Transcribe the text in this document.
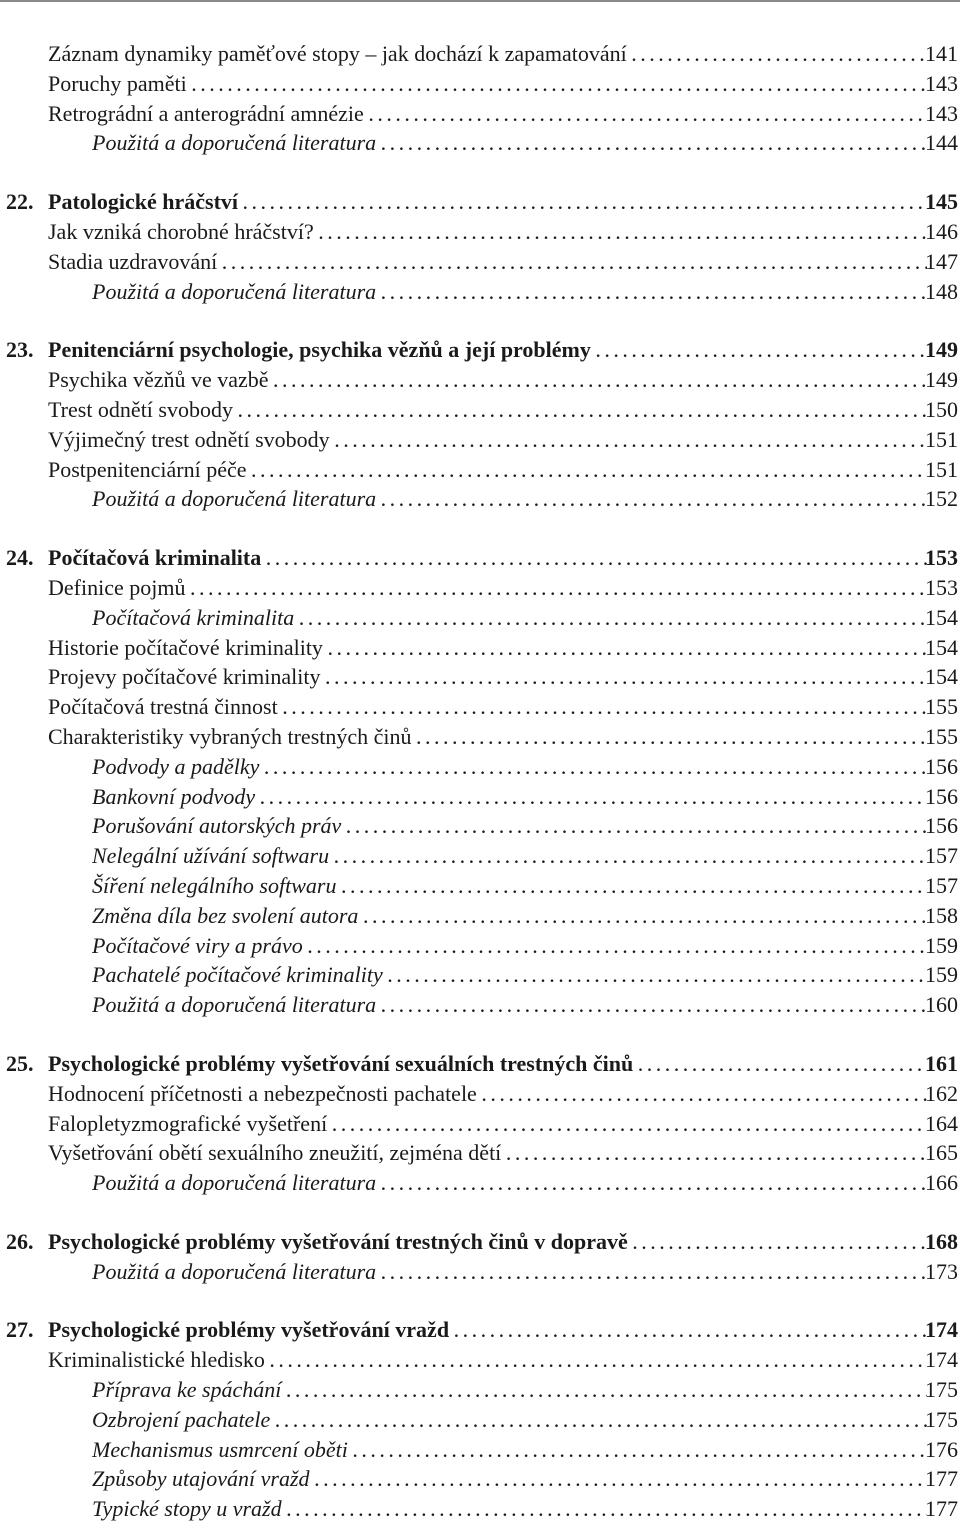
Záznam dynamiky paměťové stopy – jak dochází k zapamatování . . .	141
Poruchy paměti . . .	143
Retrográdní a anterográdní amnézie . . .	143
Použitá a doporučená literatura . . .	144
22. Patologické hráčství . . .	145
Jak vzniká chorobné hráčství? . . .	146
Stadia uzdravování . . .	147
Použitá a doporučená literatura . . .	148
23. Penitenciární psychologie, psychika vězňů a její problémy . . .	149
Psychika vězňů ve vazbě . . .	149
Trest odnětí svobody . . .	150
Výjimečný trest odnětí svobody . . .	151
Postpenitenciární péče . . .	151
Použitá a doporučená literatura . . .	152
24. Počítačová kriminalita . . .	153
Definice pojmů . . .	153
Počítačová kriminalita . . .	154
Historie počítačové kriminality . . .	154
Projevy počítačové kriminality . . .	154
Počítačová trestná činnost . . .	155
Charakteristiky vybraných trestných činů . . .	155
Podvody a padělky . . .	156
Bankovní podvody . . .	156
Porušování autorských práv . . .	156
Nelegální užívání softwaru . . .	157
Šíření nelegálního softwaru . . .	157
Změna díla bez svolení autora . . .	158
Počítačové viry a právo . . .	159
Pachatelé počítačové kriminality . . .	159
Použitá a doporučená literatura . . .	160
25. Psychologické problémy vyšetřování sexuálních trestných činů . . .	161
Hodnocení příčetnosti a nebezpečnosti pachatele . . .	162
Falopletyzmografické vyšetření . . .	164
Vyšetřování obětí sexuálního zneužití, zejména dětí . . .	165
Použitá a doporučená literatura . . .	166
26. Psychologické problémy vyšetřování trestných činů v dopravě . . .	168
Použitá a doporučená literatura . . .	173
27. Psychologické problémy vyšetřování vražd . . .	174
Kriminalistické hledisko . . .	174
Příprava ke spáchání . . .	175
Ozbrojení pachatele . . .	175
Mechanismus usmrcení oběti . . .	176
Způsoby utajování vražd . . .	177
Typické stopy u vražd . . .	177
